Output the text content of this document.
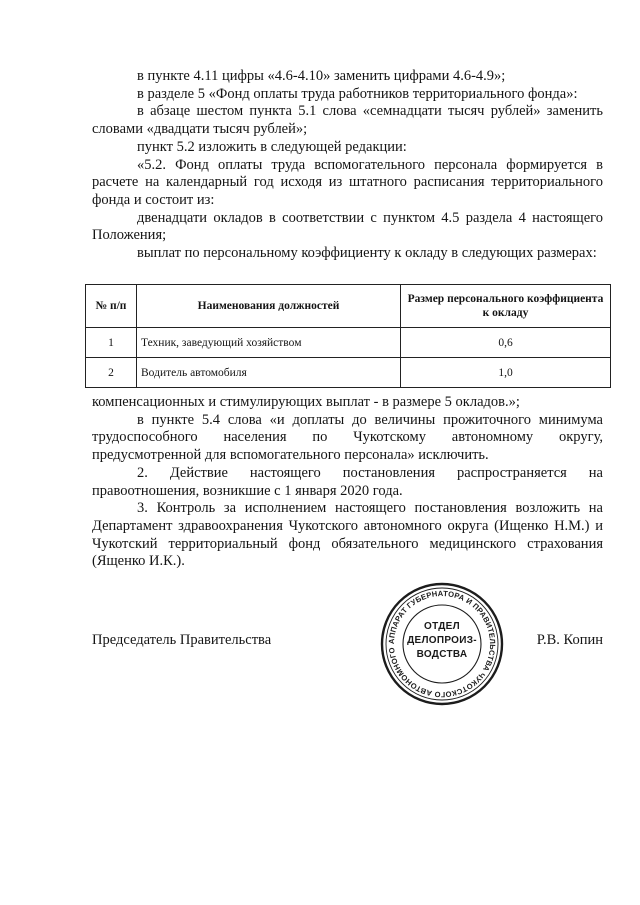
в пункте 4.11 цифры «4.6-4.10» заменить цифрами 4.6-4.9»;

в разделе 5 «Фонд оплаты труда работников территориального фонда»:

в абзаце шестом пункта 5.1 слова «семнадцати тысяч рублей» заменить словами «двадцати тысяч рублей»;

пункт 5.2 изложить в следующей редакции:

«5.2. Фонд оплаты труда вспомогательного персонала формируется в расчете на календарный год исходя из штатного расписания территориального фонда и состоит из:

двенадцати окладов в соответствии с пунктом 4.5 раздела 4 настоящего Положения;

выплат по персональному коэффициенту к окладу в следующих размерах:

№ п/п	Наименования должностей	Размер персонального коэффициента к окладу
1	Техник, заведующий хозяйством	0,6
2	Водитель автомобиля	1,0

компенсационных и стимулирующих выплат - в размере 5 окладов.»;

в пункте 5.4 слова «и доплаты до величины прожиточного минимума трудоспособного населения по Чукотскому автономному округу, предусмотренной для вспомогательного персонала» исключить.

2. Действие настоящего постановления распространяется на правоотношения, возникшие с 1 января 2020 года.

3. Контроль за исполнением настоящего постановления возложить на Департамент здравоохранения Чукотского автономного округа (Ищенко Н.М.) и Чукотский территориальный фонд обязательного медицинского страхования (Ященко И.К.).

Председатель Правительства	Р.В. Копин
АППАРАТ ГУБЕРНАТОРА И ПРАВИТЕЛЬСТВА ЧУКОТСКОГО АВТОНОМНОГО
ОТДЕЛ
ДЕЛОПРОИЗ-
ВОДСТВА
